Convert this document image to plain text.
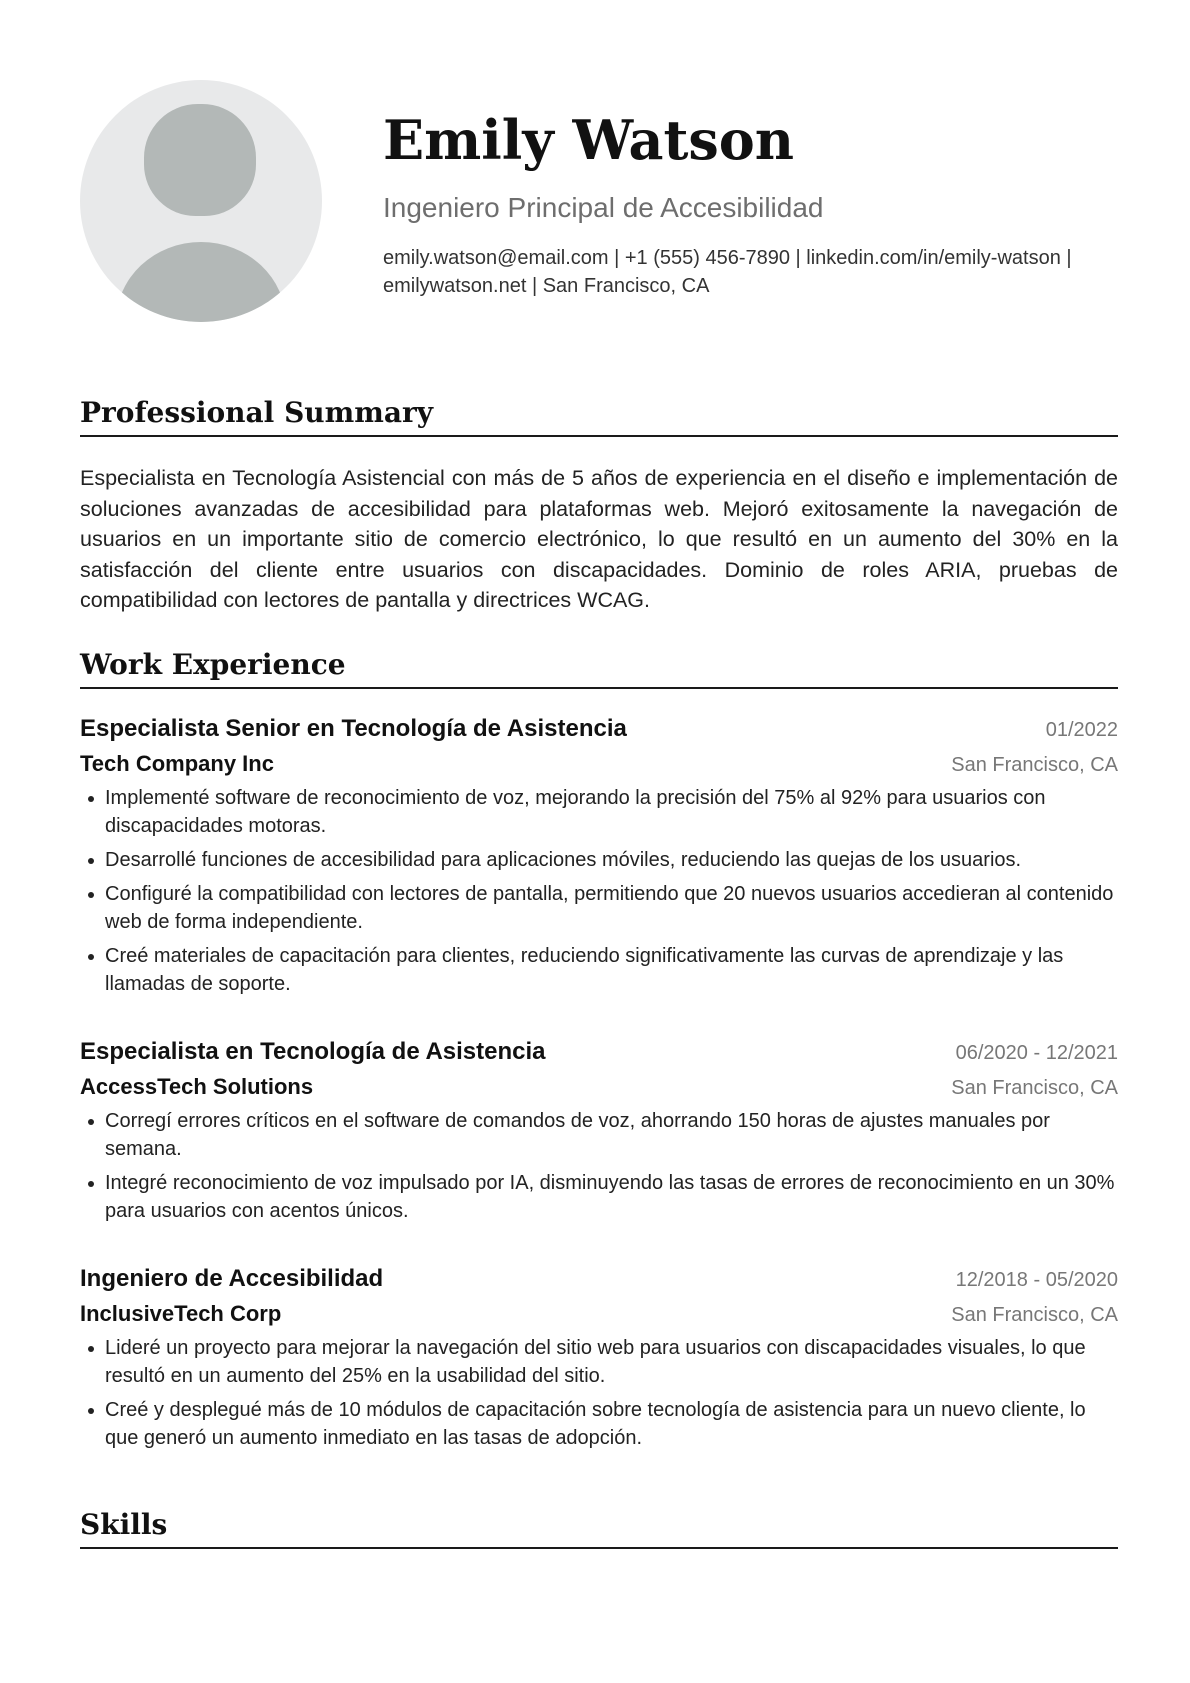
Emily Watson
Ingeniero Principal de Accesibilidad
emily.watson@email.com | +1 (555) 456-7890 | linkedin.com/in/emily-watson |
emilywatson.net | San Francisco, CA
Professional Summary
Especialista en Tecnología Asistencial con más de 5 años de experiencia en el diseño e implementación de soluciones avanzadas de accesibilidad para plataformas web. Mejoró exitosamente la navegación de usuarios en un importante sitio de comercio electrónico, lo que resultó en un aumento del 30% en la satisfacción del cliente entre usuarios con discapacidades. Dominio de roles ARIA, pruebas de compatibilidad con lectores de pantalla y directrices WCAG.
Work Experience
Especialista Senior en Tecnología de Asistencia	01/2022
Tech Company Inc	San Francisco, CA
Implementé software de reconocimiento de voz, mejorando la precisión del 75% al 92% para usuarios con discapacidades motoras.
Desarrollé funciones de accesibilidad para aplicaciones móviles, reduciendo las quejas de los usuarios.
Configuré la compatibilidad con lectores de pantalla, permitiendo que 20 nuevos usuarios accedieran al contenido web de forma independiente.
Creé materiales de capacitación para clientes, reduciendo significativamente las curvas de aprendizaje y las llamadas de soporte.
Especialista en Tecnología de Asistencia	06/2020 - 12/2021
AccessTech Solutions	San Francisco, CA
Corregí errores críticos en el software de comandos de voz, ahorrando 150 horas de ajustes manuales por semana.
Integré reconocimiento de voz impulsado por IA, disminuyendo las tasas de errores de reconocimiento en un 30% para usuarios con acentos únicos.
Ingeniero de Accesibilidad	12/2018 - 05/2020
InclusiveTech Corp	San Francisco, CA
Lideré un proyecto para mejorar la navegación del sitio web para usuarios con discapacidades visuales, lo que resultó en un aumento del 25% en la usabilidad del sitio.
Creé y desplegué más de 10 módulos de capacitación sobre tecnología de asistencia para un nuevo cliente, lo que generó un aumento inmediato en las tasas de adopción.
Skills
